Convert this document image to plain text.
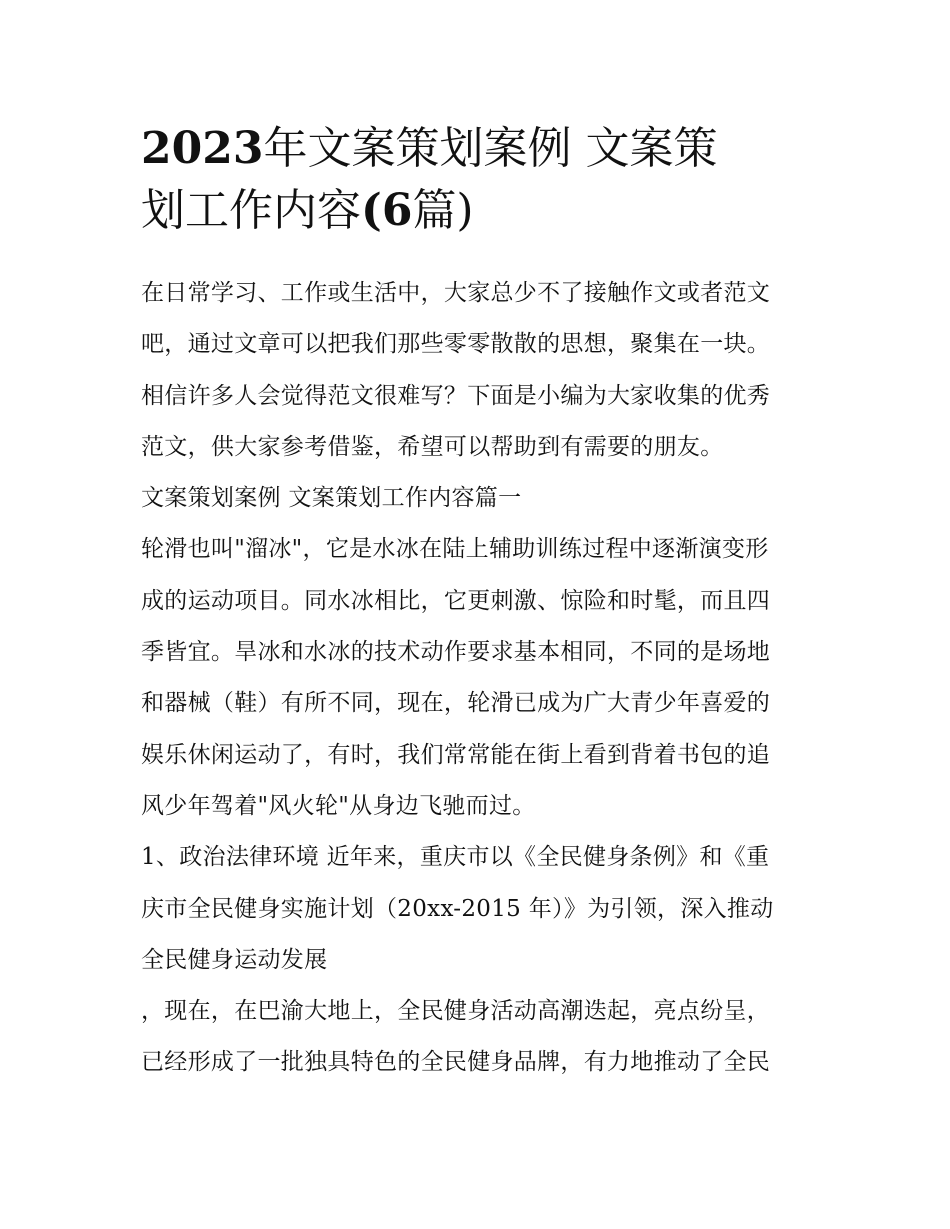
2023年文案策划案例 文案策
划工作内容(6篇)
在日常学习、工作或生活中，大家总少不了接触作文或者范文
吧，通过文章可以把我们那些零零散散的思想，聚集在一块。
相信许多人会觉得范文很难写？下面是小编为大家收集的优秀
范文，供大家参考借鉴，希望可以帮助到有需要的朋友。
文案策划案例 文案策划工作内容篇一
轮滑也叫"溜冰"，它是水冰在陆上辅助训练过程中逐渐演变形
成的运动项目。同水冰相比，它更刺激、惊险和时髦，而且四
季皆宜。旱冰和水冰的技术动作要求基本相同，不同的是场地
和器械（鞋）有所不同，现在，轮滑已成为广大青少年喜爱的
娱乐休闲运动了，有时，我们常常能在街上看到背着书包的追
风少年驾着"风火轮"从身边飞驰而过。
1、政治法律环境 近年来，重庆市以《全民健身条例》和《重
庆市全民健身实施计划（20xx-2015 年）》为引领，深入推动
全民健身运动发展
，现在，在巴渝大地上，全民健身活动高潮迭起，亮点纷呈，
已经形成了一批独具特色的全民健身品牌，有力地推动了全民
